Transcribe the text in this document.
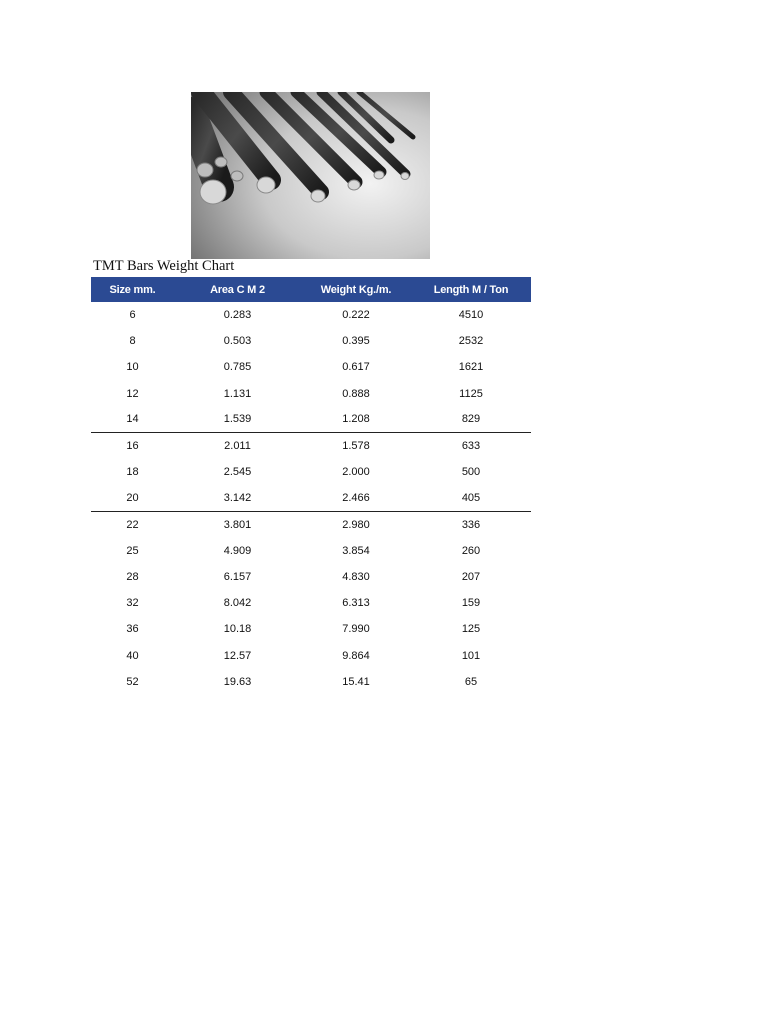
TMT Bars Weight Chart
Size mm.	Area C M 2	Weight Kg./m.	Length M / Ton
6	0.283	0.222	4510
8	0.503	0.395	2532
10	0.785	0.617	1621
12	1.131	0.888	1125
14	1.539	1.208	829
16	2.011	1.578	633
18	2.545	2.000	500
20	3.142	2.466	405
22	3.801	2.980	336
25	4.909	3.854	260
28	6.157	4.830	207
32	8.042	6.313	159
36	10.18	7.990	125
40	12.57	9.864	101
52	19.63	15.41	65
